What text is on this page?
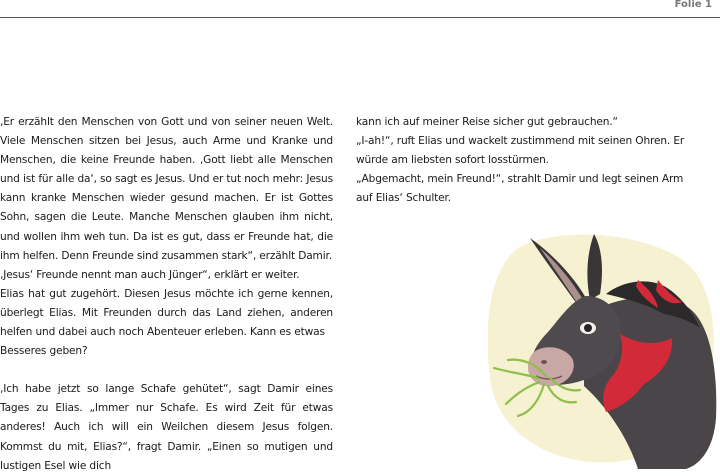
Folie 1

‚Er erzählt den Menschen von Gott und von seiner neuen Welt. Viele Menschen sitzen bei Jesus, auch Arme und Kranke und Menschen, die keine Freunde haben. ‚Gott liebt alle Menschen und ist für alle da‘, so sagt es Jesus. Und er tut noch mehr: Jesus kann kranke Menschen wieder gesund machen. Er ist Gottes Sohn, sagen die Leute. Manche Menschen glauben ihm nicht, und wollen ihm weh tun. Da ist es gut, dass er Freunde hat, die ihm helfen. Denn Freunde sind zusammen stark“, erzählt Damir.

‚Jesus‘ Freunde nennt man auch Jünger“, erklärt er weiter.

Elias hat gut zugehört. Diesen Jesus möchte ich gerne kennen, überlegt Elias. Mit Freunden durch das Land ziehen, anderen helfen und dabei auch noch Abenteuer erleben. Kann es etwas

Besseres geben?

‚Ich habe jetzt so lange Schafe gehütet“, sagt Damir eines Tages zu Elias. „Immer nur Schafe. Es wird Zeit für etwas anderes! Auch ich will ein Weilchen diesem Jesus folgen. Kommst du mit, Elias?“, fragt Damir. „Einen so mutigen und lustigen Esel wie dich

kann ich auf meiner Reise sicher gut gebrauchen.“

„I-ah!“, ruft Elias und wackelt zustimmend mit seinen Ohren. Er

würde am liebsten sofort losstürmen.

„Abgemacht, mein Freund!“, strahlt Damir und legt seinen Arm

auf Elias‘ Schulter.
